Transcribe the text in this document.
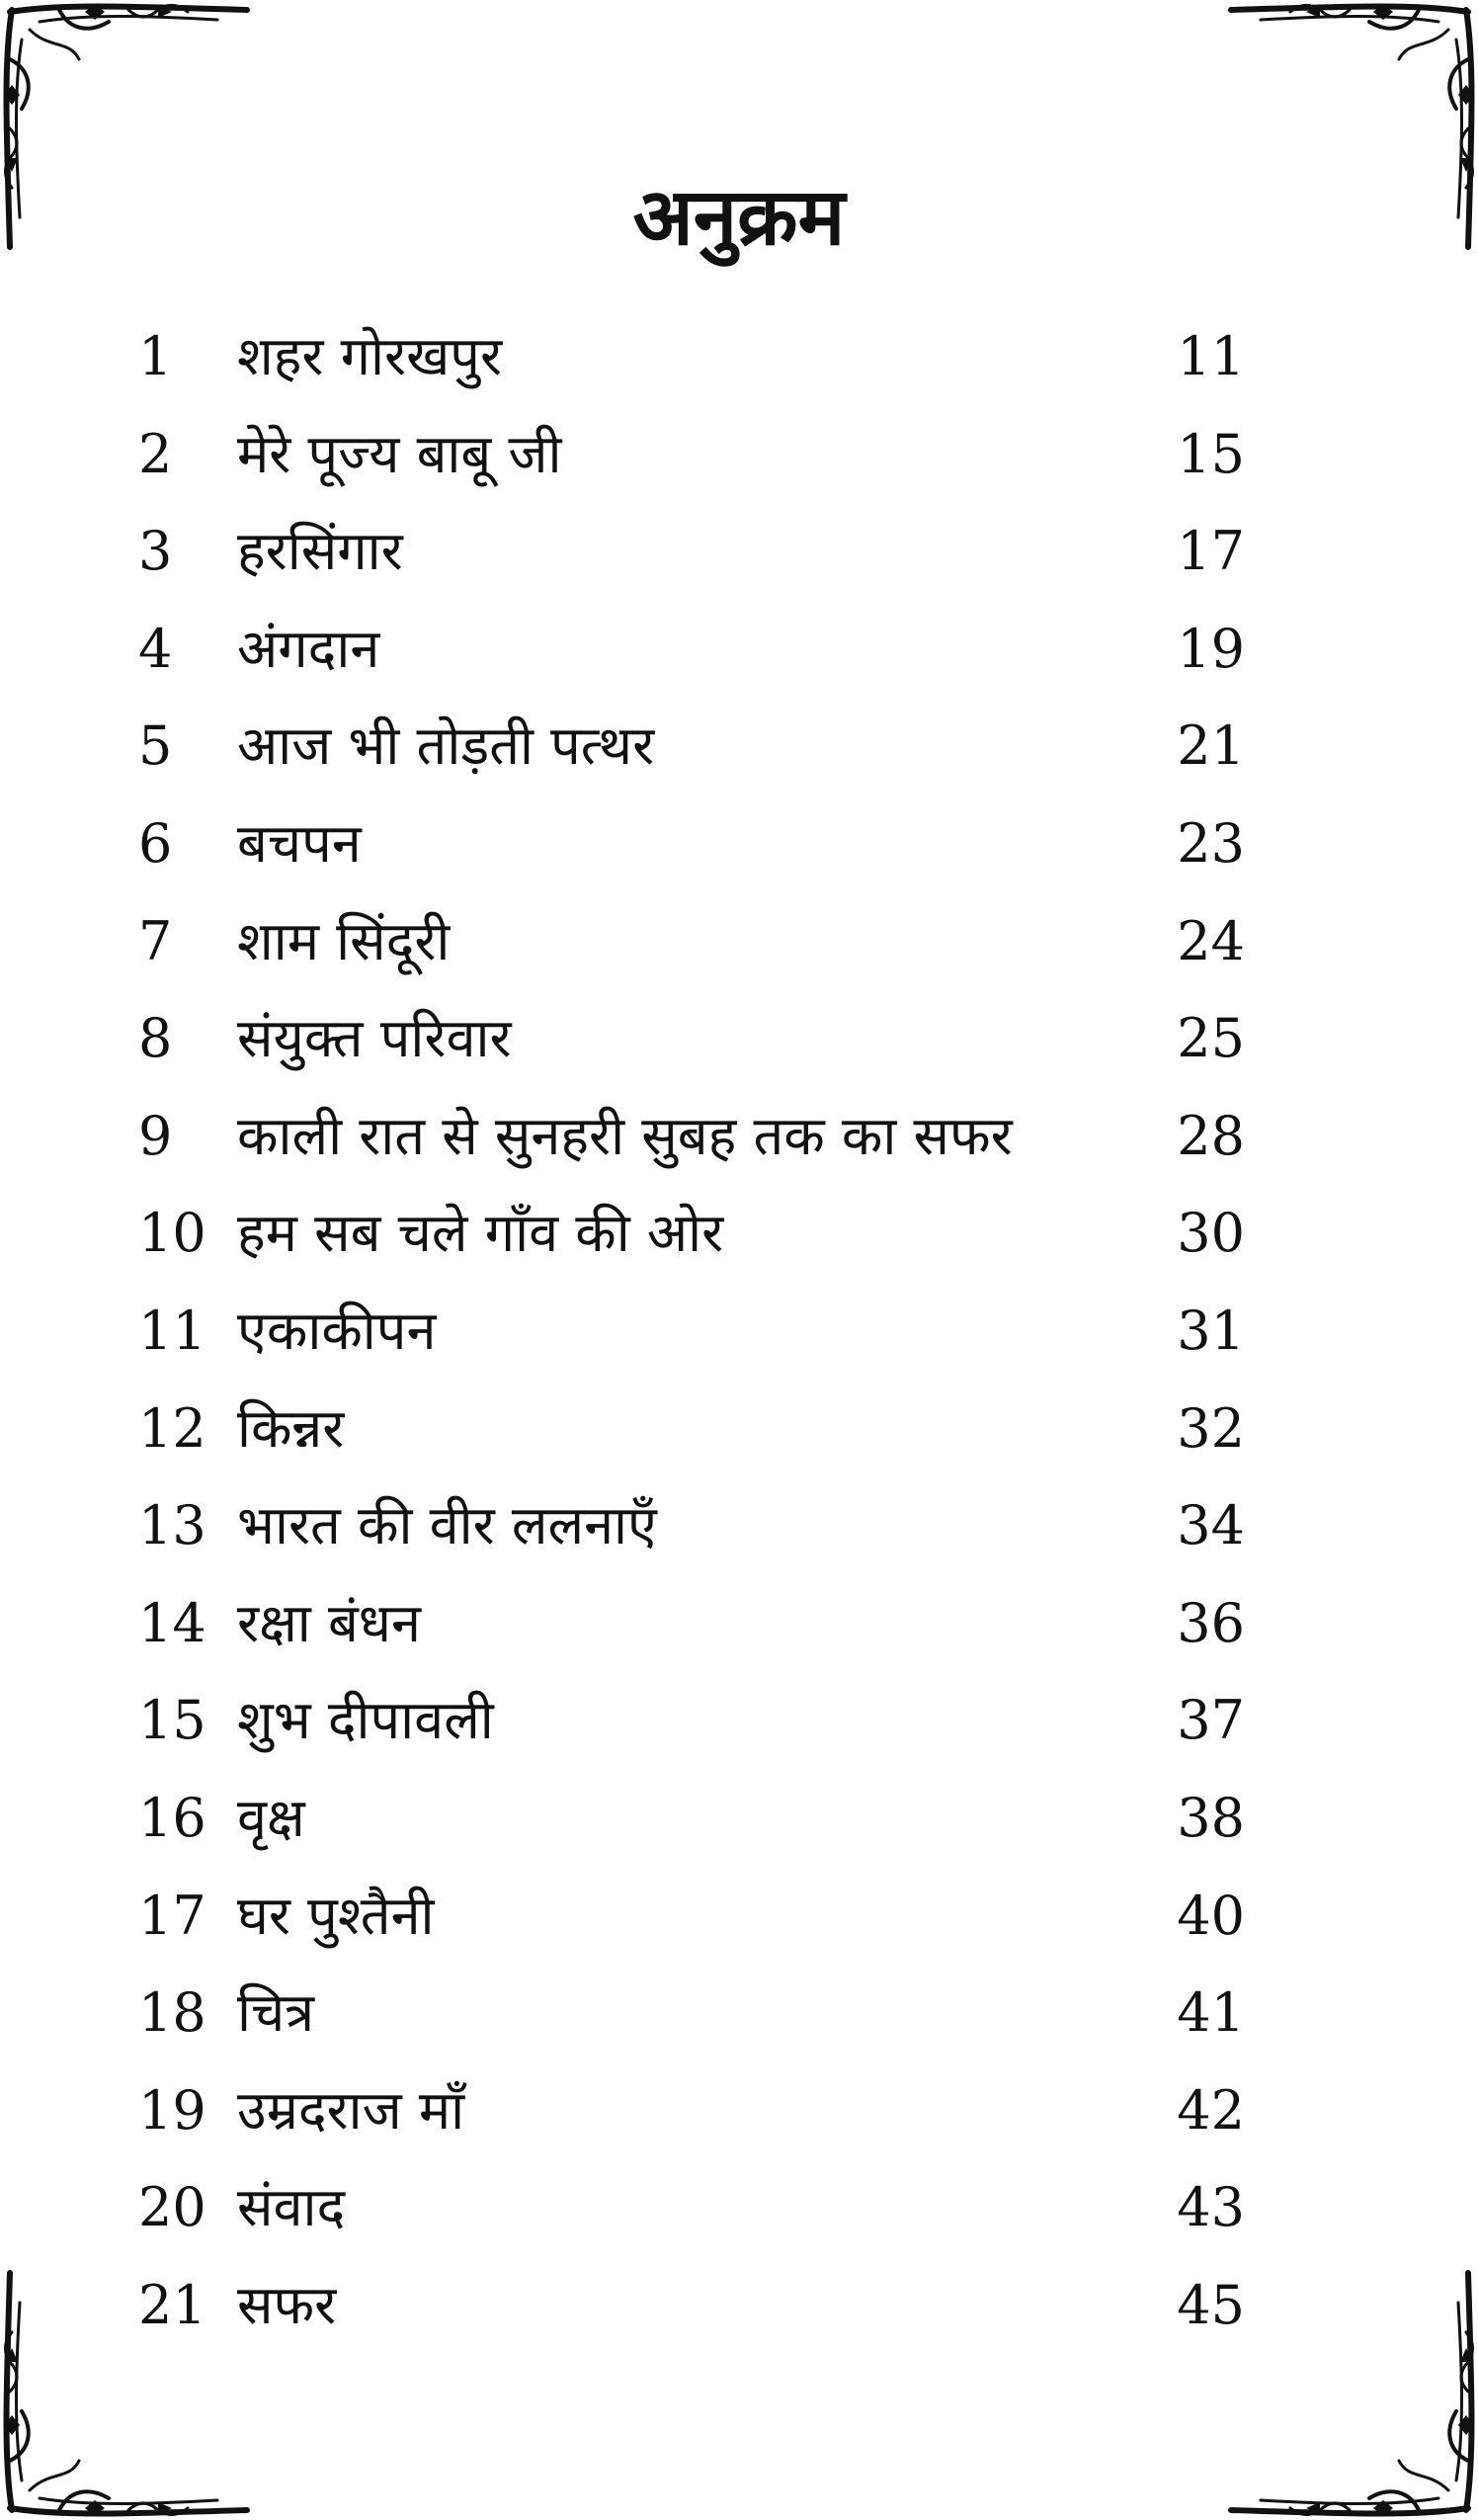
अनुक्रम
1	शहर गोरखपुर	11
2	मेरे पूज्य बाबू जी	15
3	हरसिंगार	17
4	अंगदान	19
5	आज भी तोड़ती पत्थर	21
6	बचपन	23
7	शाम सिंदूरी	24
8	संयुक्त परिवार	25
9	काली रात से सुनहरी सुबह तक का सफर	28
10 हम सब चले गाँव की ओर	30
11 एकाकीपन	31
12 किन्नर	32
13 भारत की वीर ललनाएँ	34
14 रक्षा बंधन	36
15 शुभ दीपावली	37
16 वृक्ष	38
17 घर पुश्तैनी	40
18 चित्र	41
19 उम्रदराज माँ	42
20 संवाद	43
21 सफर	45
